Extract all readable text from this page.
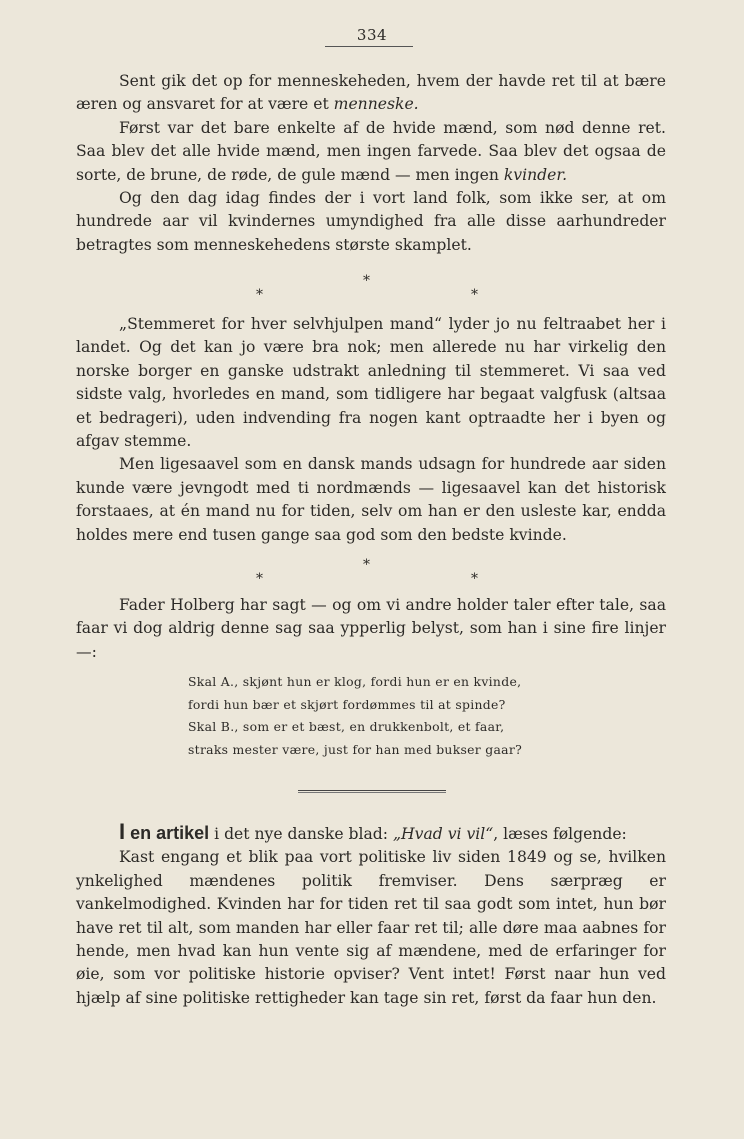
334

Sent gik det op for menneskeheden, hvem der havde ret til at bære æren og ansvaret for at være et menneske.

Først var det bare enkelte af de hvide mænd, som nød denne ret. Saa blev det alle hvide mænd, men ingen farvede. Saa blev det ogsaa de sorte, de brune, de røde, de gule mænd — men ingen kvinder.

Og den dag idag findes der i vort land folk, som ikke ser, at om hundrede aar vil kvindernes umyndighed fra alle disse aarhundreder betragtes som menneskehedens største skamplet.

*
*	*

„Stemmeret for hver selvhjulpen mand“ lyder jo nu feltraabet her i landet. Og det kan jo være bra nok; men allerede nu har virkelig den norske borger en ganske udstrakt anledning til stemmeret. Vi saa ved sidste valg, hvorledes en mand, som tidligere har begaat valgfusk (altsaa et bedrageri), uden indvending fra nogen kant optraadte her i byen og afgav stemme.

Men ligesaavel som en dansk mands udsagn for hundrede aar siden kunde være jevngodt med ti nordmænds — ligesaavel kan det historisk forstaaes, at én mand nu for tiden, selv om han er den usleste kar, endda holdes mere end tusen gange saa god som den bedste kvinde.

*
*	*

Fader Holberg har sagt — og om vi andre holder taler efter tale, saa faar vi dog aldrig denne sag saa ypperlig belyst, som han i sine fire linjer —:

Skal A., skjønt hun er klog, fordi hun er en kvinde,
fordi hun bær et skjørt fordømmes til at spinde?
Skal B., som er et bæst, en drukkenbolt, et faar,
straks mester være, just for han med bukser gaar?

I en artikel i det nye danske blad: „Hvad vi vil“, læses følgende:

Kast engang et blik paa vort politiske liv siden 1849 og se, hvilken ynkelighed mændenes politik fremviser. Dens særpræg er vankelmodighed. Kvinden har for tiden ret til saa godt som intet, hun bør have ret til alt, som manden har eller faar ret til; alle døre maa aabnes for hende, men hvad kan hun vente sig af mændene, med de erfaringer for øie, som vor politiske historie opviser? Vent intet! Først naar hun ved hjælp af sine politiske rettigheder kan tage sin ret, først da faar hun den.
